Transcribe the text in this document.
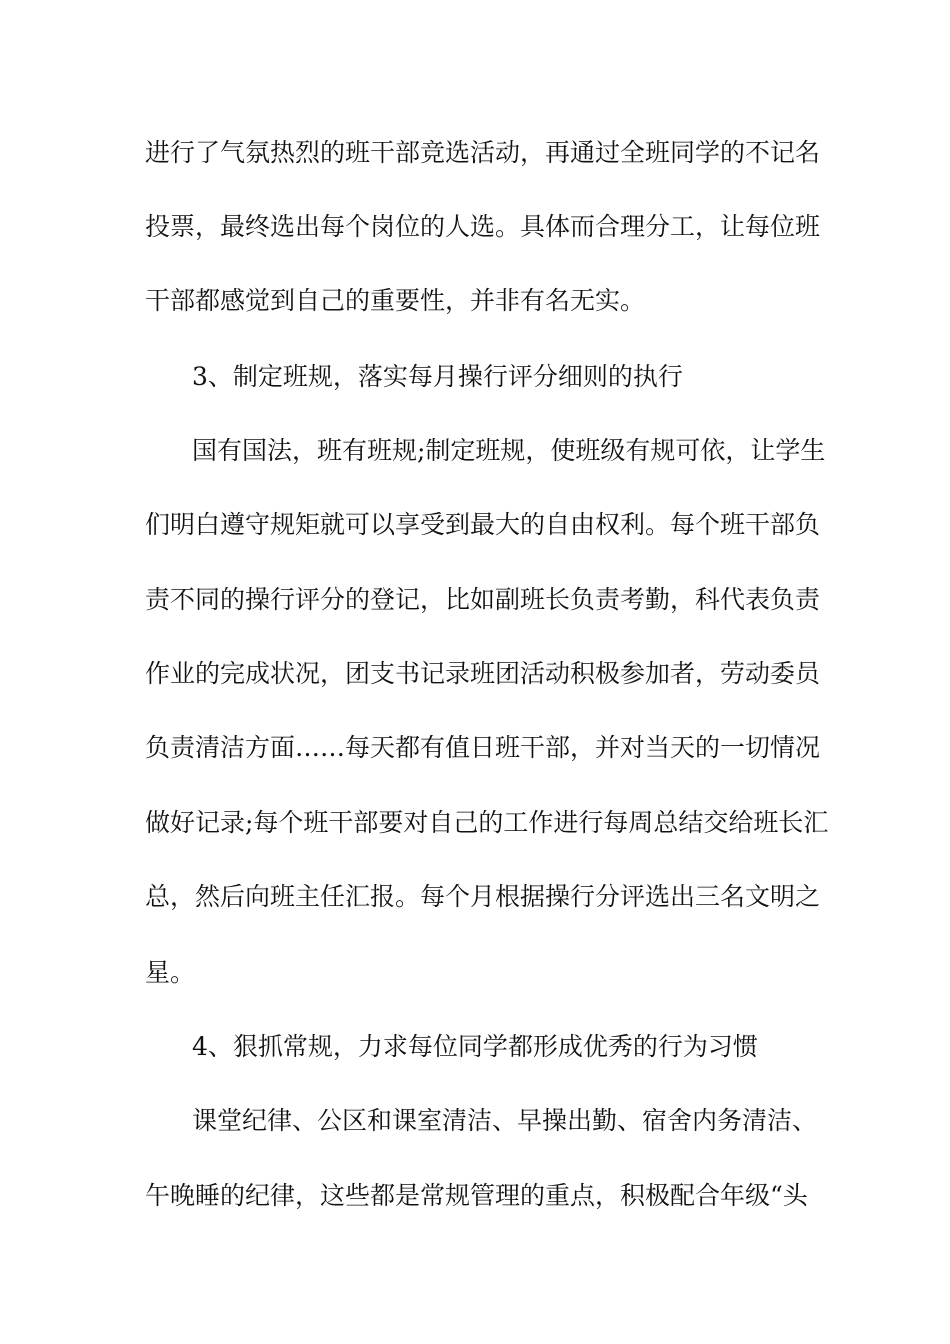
进行了气氛热烈的班干部竞选活动，再通过全班同学的不记名
投票，最终选出每个岗位的人选。具体而合理分工，让每位班
干部都感觉到自己的重要性，并非有名无实。
3、制定班规，落实每月操行评分细则的执行
国有国法，班有班规;制定班规，使班级有规可依，让学生
们明白遵守规矩就可以享受到最大的自由权利。每个班干部负
责不同的操行评分的登记，比如副班长负责考勤，科代表负责
作业的完成状况，团支书记录班团活动积极参加者，劳动委员
负责清洁方面……每天都有值日班干部，并对当天的一切情况
做好记录;每个班干部要对自己的工作进行每周总结交给班长汇
总，然后向班主任汇报。每个月根据操行分评选出三名文明之
星。
4、狠抓常规，力求每位同学都形成优秀的行为习惯
课堂纪律、公区和课室清洁、早操出勤、宿舍内务清洁、
午晚睡的纪律，这些都是常规管理的重点，积极配合年级“头
